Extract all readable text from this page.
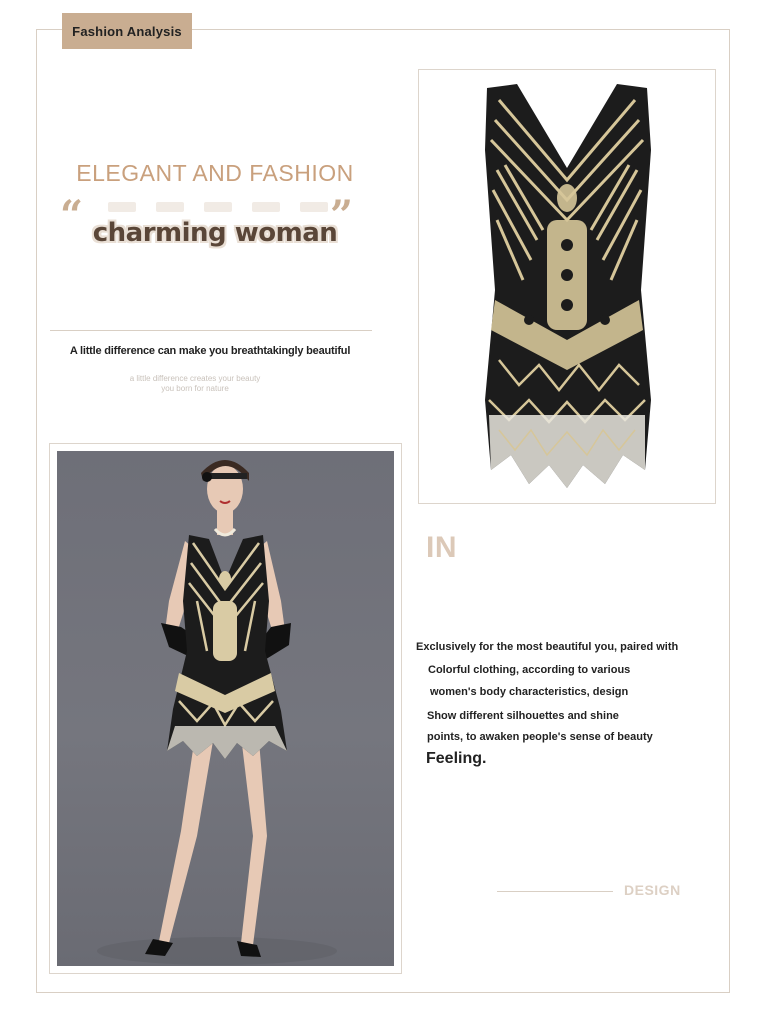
Fashion Analysis
ELEGANT AND FASHION
“	”
charming woman
A little difference can make you breathtakingly beautiful
a little difference creates your beauty
you born for nature
IN
Exclusively for the most beautiful you, paired with
Colorful clothing, according to various
women's body characteristics, design
Show different silhouettes and shine
points, to awaken people's sense of beauty
Feeling.
DESIGN
